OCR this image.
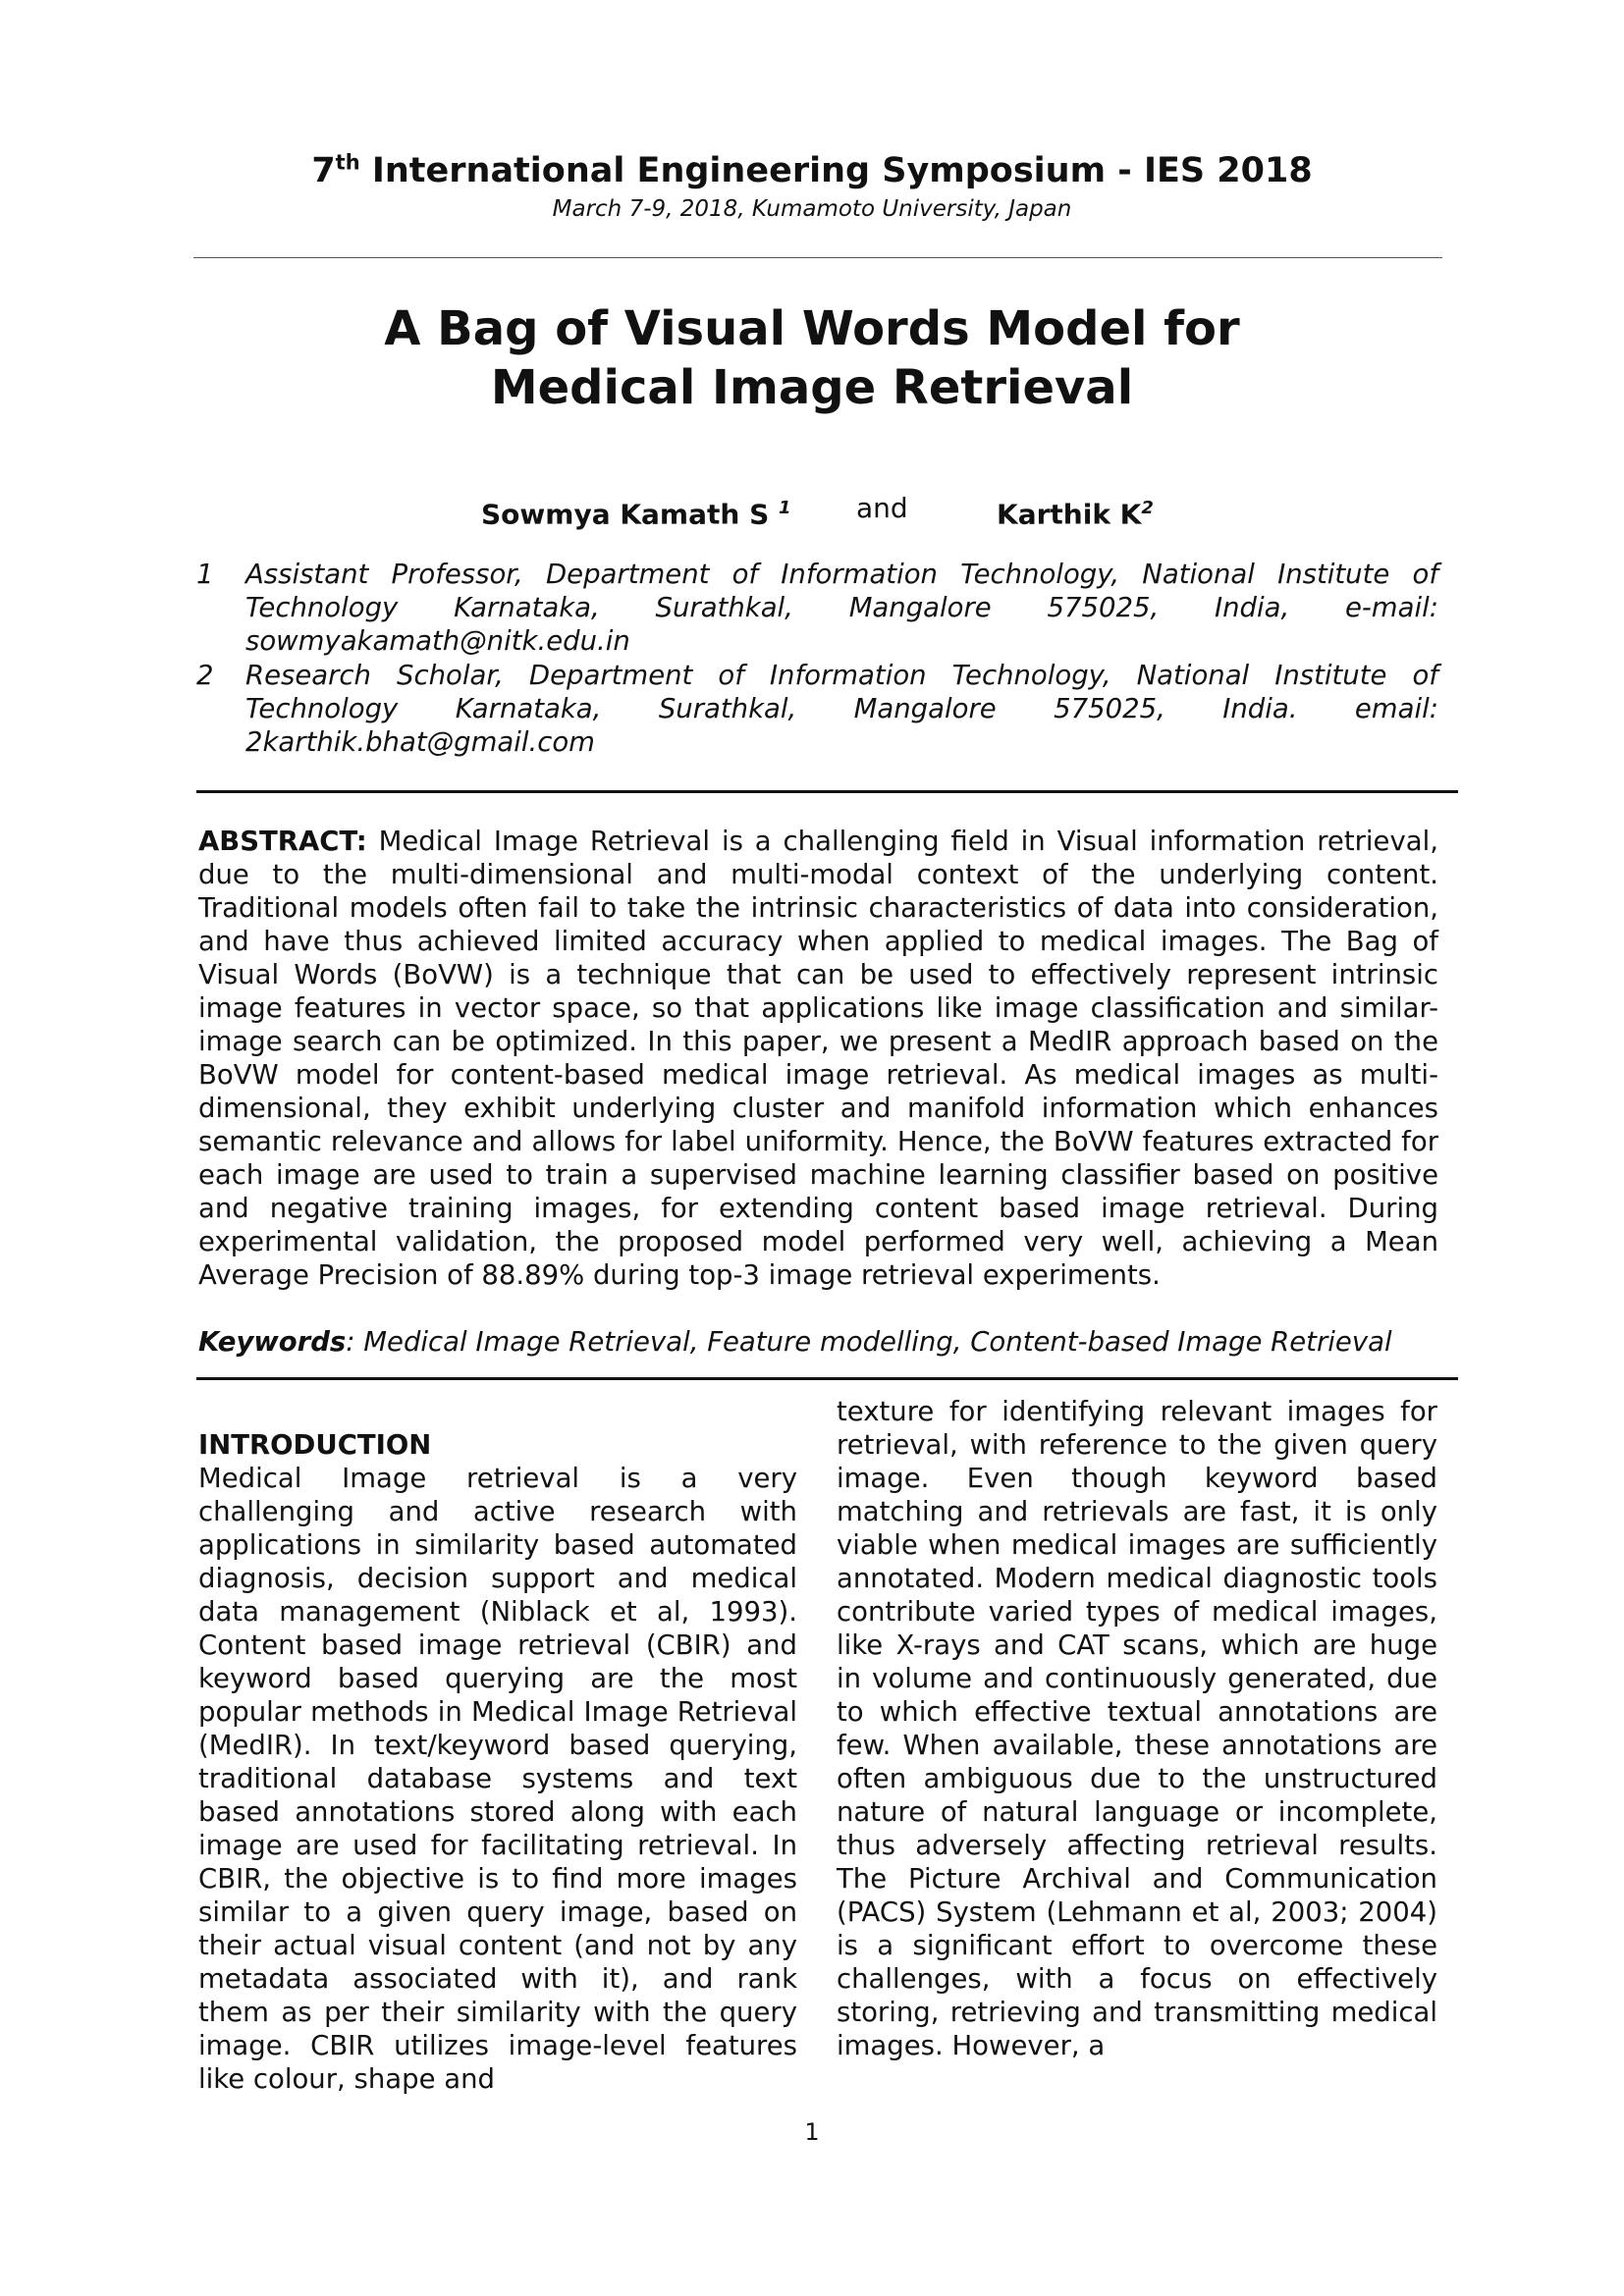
7th International Engineering Symposium - IES 2018
March 7-9, 2018, Kumamoto University, Japan
A Bag of Visual Words Model for
Medical Image Retrieval
Sowmya Kamath S $^1$ and	Karthik $K^2$
1	Assistant Professor, Department of Information Technology, National Institute of Technology Karnataka, Surathkal, Mangalore 575025, India, e-mail: sowmyakamath@nitk.edu.in
2	Research Scholar, Department of Information Technology, National Institute of Technology Karnataka, Surathkal, Mangalore 575025, India. email: 2karthik.bhat@gmail.com
ABSTRACT: Medical Image Retrieval is a challenging field in Visual information retrieval, due to the multi-dimensional and multi-modal context of the underlying content. Traditional models often fail to take the intrinsic characteristics of data into consideration, and have thus achieved limited accuracy when applied to medical images. The Bag of Visual Words (BoVW) is a technique that can be used to effectively represent intrinsic image features in vector space, so that applications like image classification and similar-image search can be optimized. In this paper, we present a MedIR approach based on the BoVW model for content-based medical image retrieval. As medical images as multi-dimensional, they exhibit underlying cluster and manifold information which enhances semantic relevance and allows for label uniformity. Hence, the BoVW features extracted for each image are used to train a supervised machine learning classifier based on positive and negative training images, for extending content based image retrieval. During experimental validation, the proposed model performed very well, achieving a Mean Average Precision of 88.89% during top-3 image retrieval experiments.
Keywords: Medical Image Retrieval, Feature modelling, Content-based Image Retrieval
INTRODUCTION

Medical Image retrieval is a very challenging and active research with applications in similarity based automated diagnosis, decision support and medical data management (Niblack et al, 1993). Content based image retrieval (CBIR) and keyword based querying are the most popular methods in Medical Image Retrieval (MedIR). In text/keyword based querying, traditional database systems and text based annotations stored along with each image are used for facilitating retrieval. In CBIR, the objective is to find more images similar to a given query image, based on their actual visual content (and not by any metadata associated with it), and rank them as per their similarity with the query image. CBIR utilizes image-level features like colour, shape and

texture for identifying relevant images for retrieval, with reference to the given query image. Even though keyword based matching and retrievals are fast, it is only viable when medical images are sufficiently annotated. Modern medical diagnostic tools contribute varied types of medical images, like X-rays and CAT scans, which are huge in volume and continuously generated, due to which effective textual annotations are few. When available, these annotations are often ambiguous due to the unstructured nature of natural language or incomplete, thus adversely affecting retrieval results. The Picture Archival and Communication (PACS) System (Lehmann et al, 2003; 2004) is a significant effort to overcome these challenges, with a focus on effectively storing, retrieving and transmitting medical images. However, a

1
